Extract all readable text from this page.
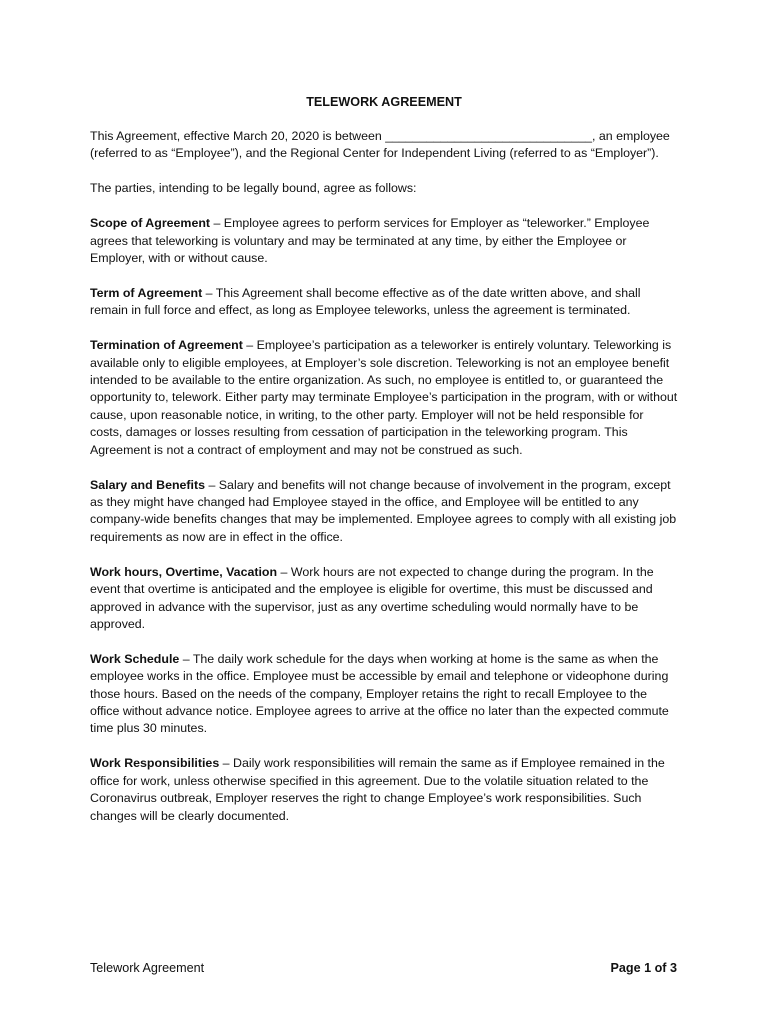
TELEWORK AGREEMENT

This Agreement, effective March 20, 2020 is between ______________________________, an employee (referred to as “Employee”), and the Regional Center for Independent Living (referred to as “Employer”).

The parties, intending to be legally bound, agree as follows:

Scope of Agreement – Employee agrees to perform services for Employer as “teleworker.” Employee agrees that teleworking is voluntary and may be terminated at any time, by either the Employee or Employer, with or without cause.

Term of Agreement – This Agreement shall become effective as of the date written above, and shall remain in full force and effect, as long as Employee teleworks, unless the agreement is terminated.

Termination of Agreement – Employee’s participation as a teleworker is entirely voluntary. Teleworking is available only to eligible employees, at Employer’s sole discretion. Teleworking is not an employee benefit intended to be available to the entire organization. As such, no employee is entitled to, or guaranteed the opportunity to, telework. Either party may terminate Employee’s participation in the program, with or without cause, upon reasonable notice, in writing, to the other party. Employer will not be held responsible for costs, damages or losses resulting from cessation of participation in the teleworking program. This Agreement is not a contract of employment and may not be construed as such.

Salary and Benefits – Salary and benefits will not change because of involvement in the program, except as they might have changed had Employee stayed in the office, and Employee will be entitled to any company-wide benefits changes that may be implemented. Employee agrees to comply with all existing job requirements as now are in effect in the office.

Work hours, Overtime, Vacation – Work hours are not expected to change during the program. In the event that overtime is anticipated and the employee is eligible for overtime, this must be discussed and approved in advance with the supervisor, just as any overtime scheduling would normally have to be approved.

Work Schedule – The daily work schedule for the days when working at home is the same as when the employee works in the office. Employee must be accessible by email and telephone or videophone during those hours. Based on the needs of the company, Employer retains the right to recall Employee to the office without advance notice. Employee agrees to arrive at the office no later than the expected commute time plus 30 minutes.

Work Responsibilities – Daily work responsibilities will remain the same as if Employee remained in the office for work, unless otherwise specified in this agreement. Due to the volatile situation related to the Coronavirus outbreak, Employer reserves the right to change Employee’s work responsibilities. Such changes will be clearly documented.

Telework Agreement	Page 1 of 3
